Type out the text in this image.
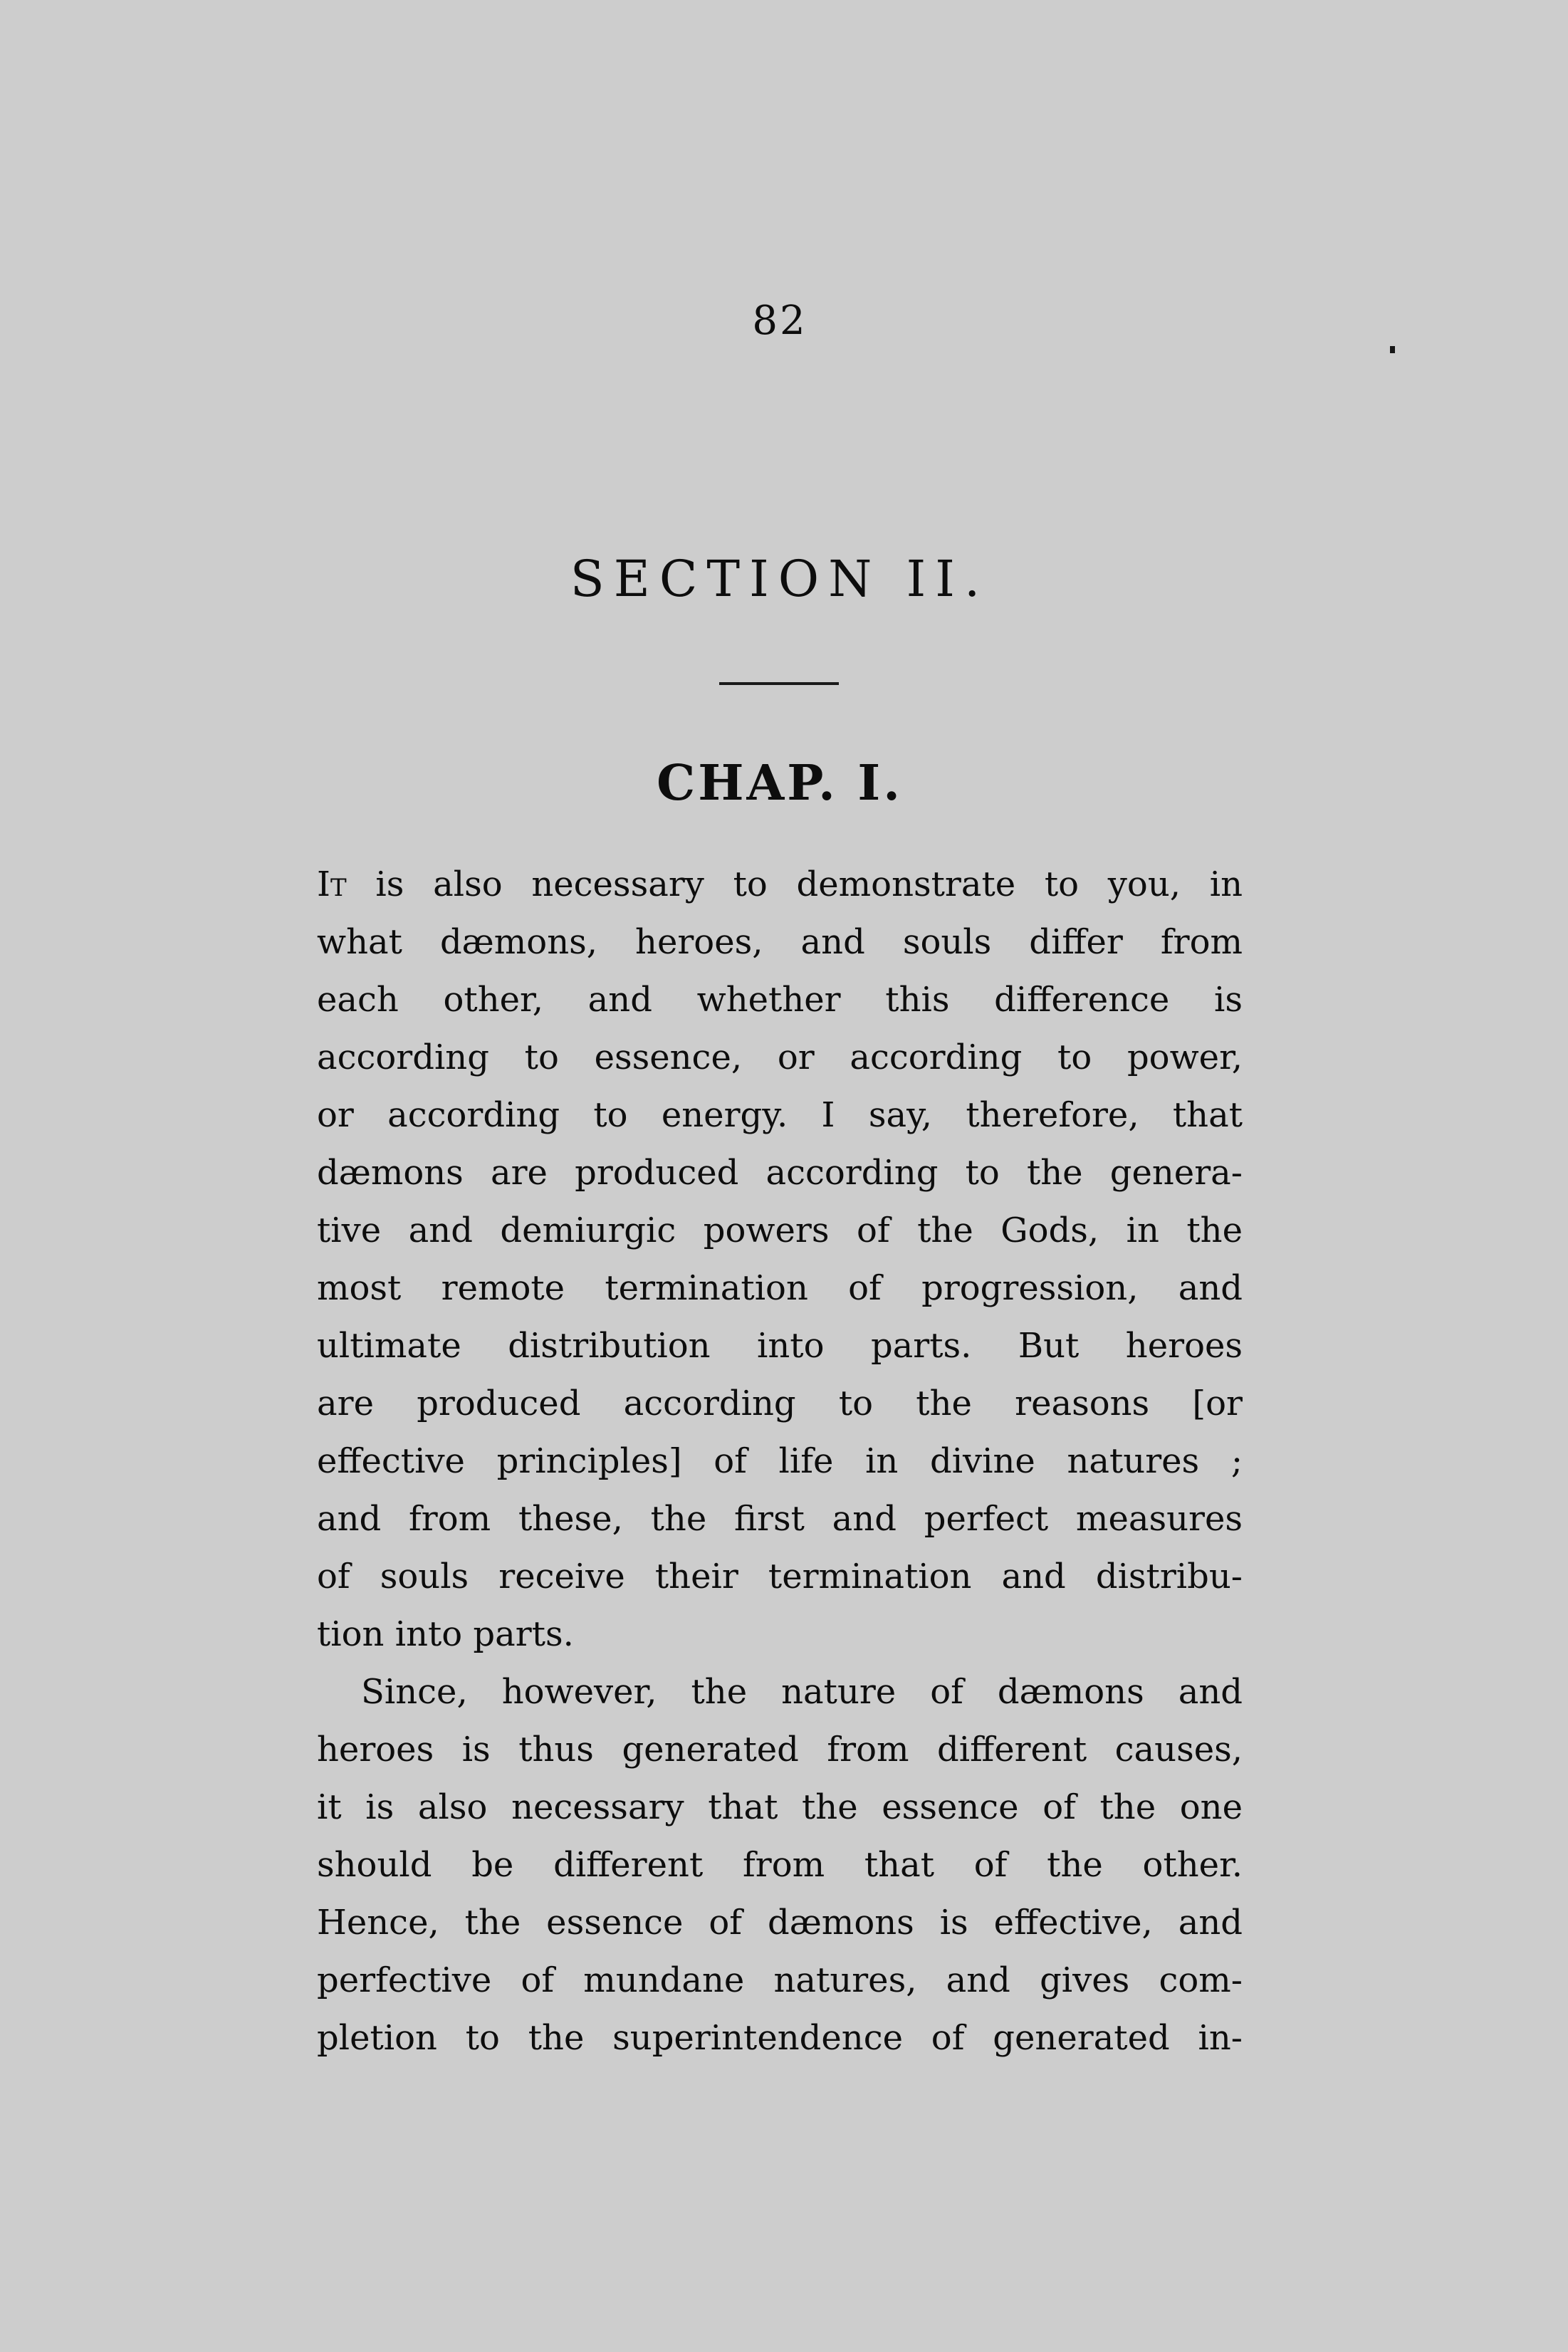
82
SECTION II.
CHAP. I.
It is also necessary to demonstrate to you, in
what dæmons, heroes, and souls differ from
each other, and whether this difference is
according to essence, or according to power,
or according to energy. I say, therefore, that
dæmons are produced according to the genera-
tive and demiurgic powers of the Gods, in the
most remote termination of progression, and
ultimate distribution into parts. But heroes
are produced according to the reasons [or
effective principles] of life in divine natures ;
and from these, the first and perfect measures
of souls receive their termination and distribu-
tion into parts.
Since, however, the nature of dæmons and
heroes is thus generated from different causes,
it is also necessary that the essence of the one
should be different from that of the other.
Hence, the essence of dæmons is effective, and
perfective of mundane natures, and gives com-
pletion to the superintendence of generated in-
